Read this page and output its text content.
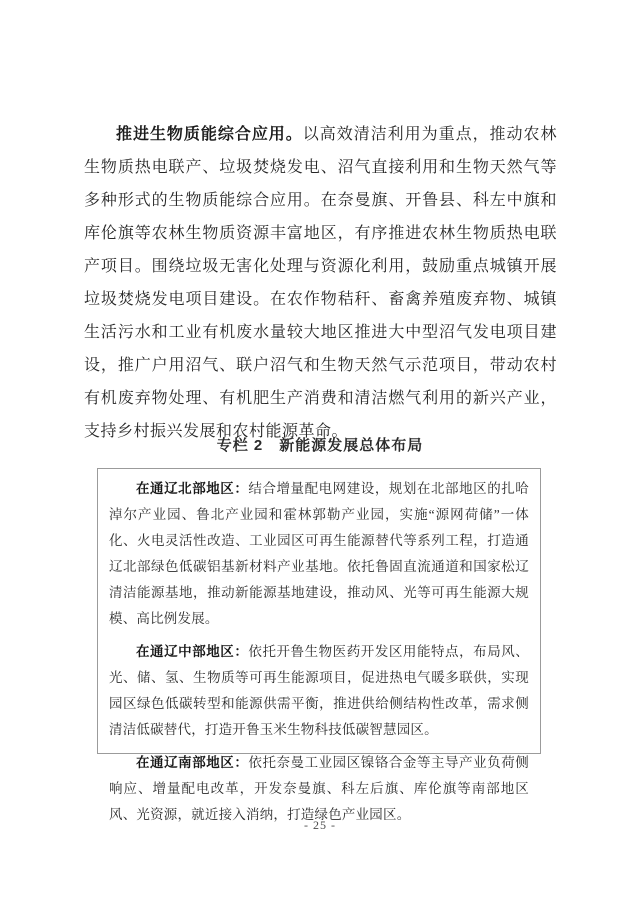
推进生物质能综合应用。以高效清洁利用为重点，推动农林生物质热电联产、垃圾焚烧发电、沼气直接利用和生物天然气等多种形式的生物质能综合应用。在奈曼旗、开鲁县、科左中旗和库伦旗等农林生物质资源丰富地区，有序推进农林生物质热电联产项目。围绕垃圾无害化处理与资源化利用，鼓励重点城镇开展垃圾焚烧发电项目建设。在农作物秸秆、畜禽养殖废弃物、城镇生活污水和工业有机废水量较大地区推进大中型沼气发电项目建设，推广户用沼气、联户沼气和生物天然气示范项目，带动农村有机废弃物处理、有机肥生产消费和清洁燃气利用的新兴产业，支持乡村振兴发展和农村能源革命。

专栏 2　新能源发展总体布局

在通辽北部地区：结合增量配电网建设，规划在北部地区的扎哈淖尔产业园、鲁北产业园和霍林郭勒产业园，实施“源网荷储”一体化、火电灵活性改造、工业园区可再生能源替代等系列工程，打造通辽北部绿色低碳铝基新材料产业基地。依托鲁固直流通道和国家松辽清洁能源基地，推动新能源基地建设，推动风、光等可再生能源大规模、高比例发展。

在通辽中部地区：依托开鲁生物医药开发区用能特点，布局风、光、储、氢、生物质等可再生能源项目，促进热电气暖多联供，实现园区绿色低碳转型和能源供需平衡，推进供给侧结构性改革，需求侧清洁低碳替代，打造开鲁玉米生物科技低碳智慧园区。

在通辽南部地区：依托奈曼工业园区镍铬合金等主导产业负荷侧响应、增量配电改革，开发奈曼旗、科左后旗、库伦旗等南部地区风、光资源，就近接入消纳，打造绿色产业园区。

- 25 -
